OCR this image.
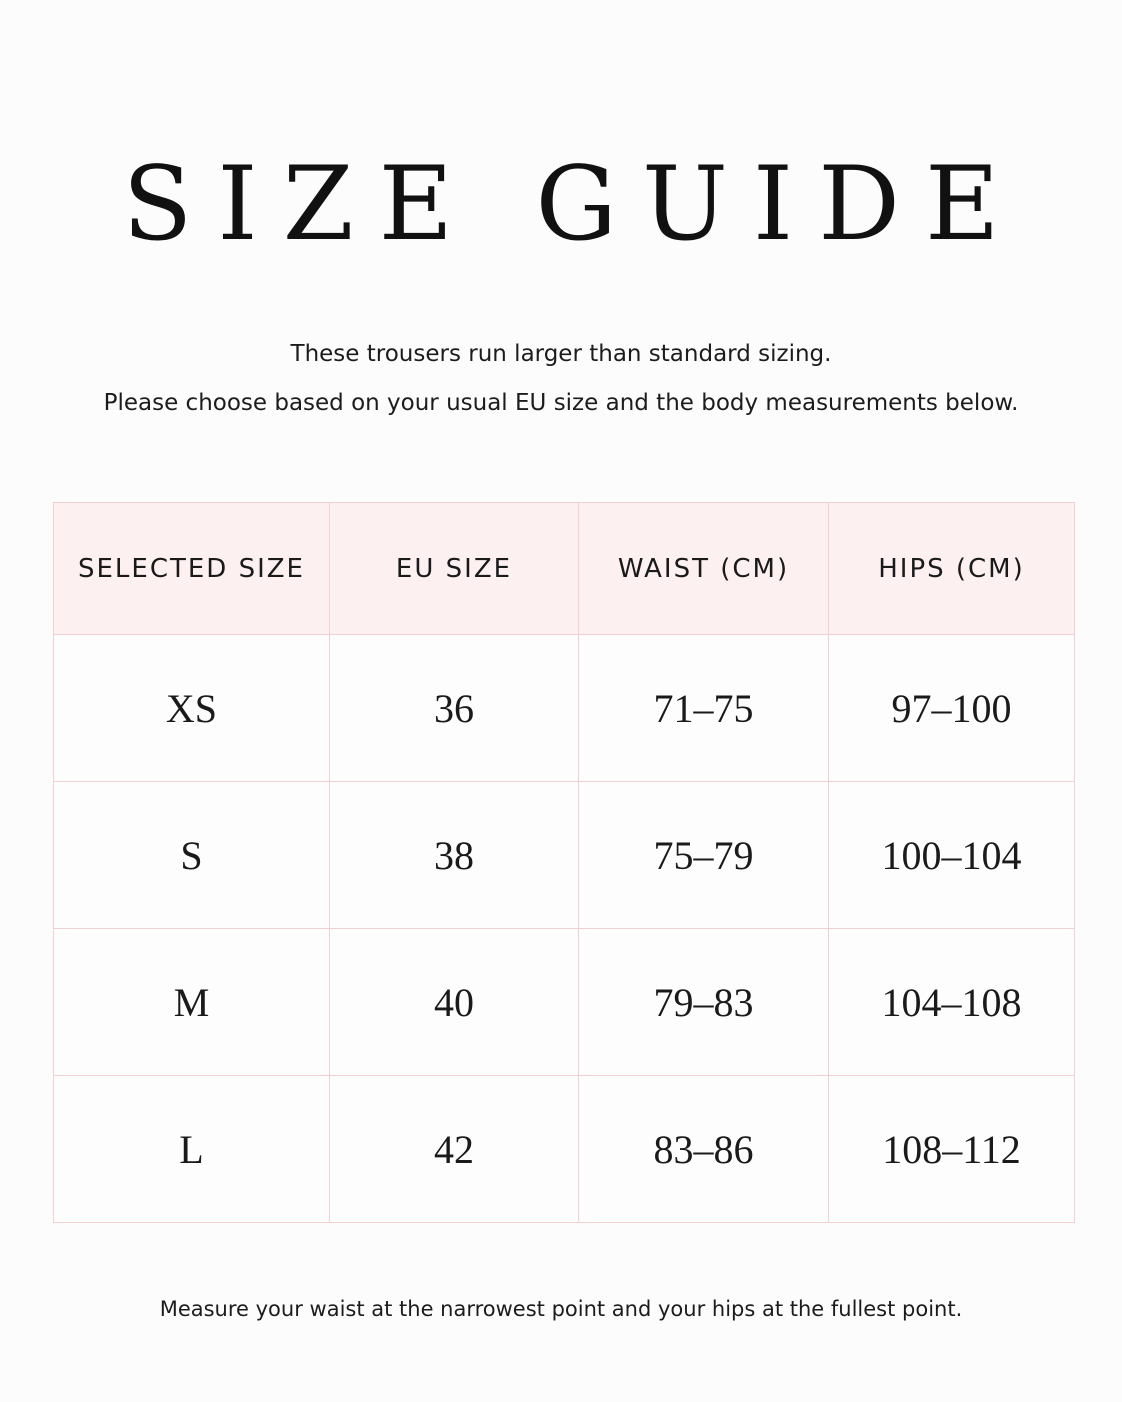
SIZE GUIDE

These trousers run larger than standard sizing.

Please choose based on your usual EU size and the body measurements below.

SELECTED SIZE	EU SIZE	WAIST (CM)	HIPS (CM)
XS	36	71–75	97–100
S	38	75–79	100–104
M	40	79–83	104–108
L	42	83–86	108–112

Measure your waist at the narrowest point and your hips at the fullest point.
